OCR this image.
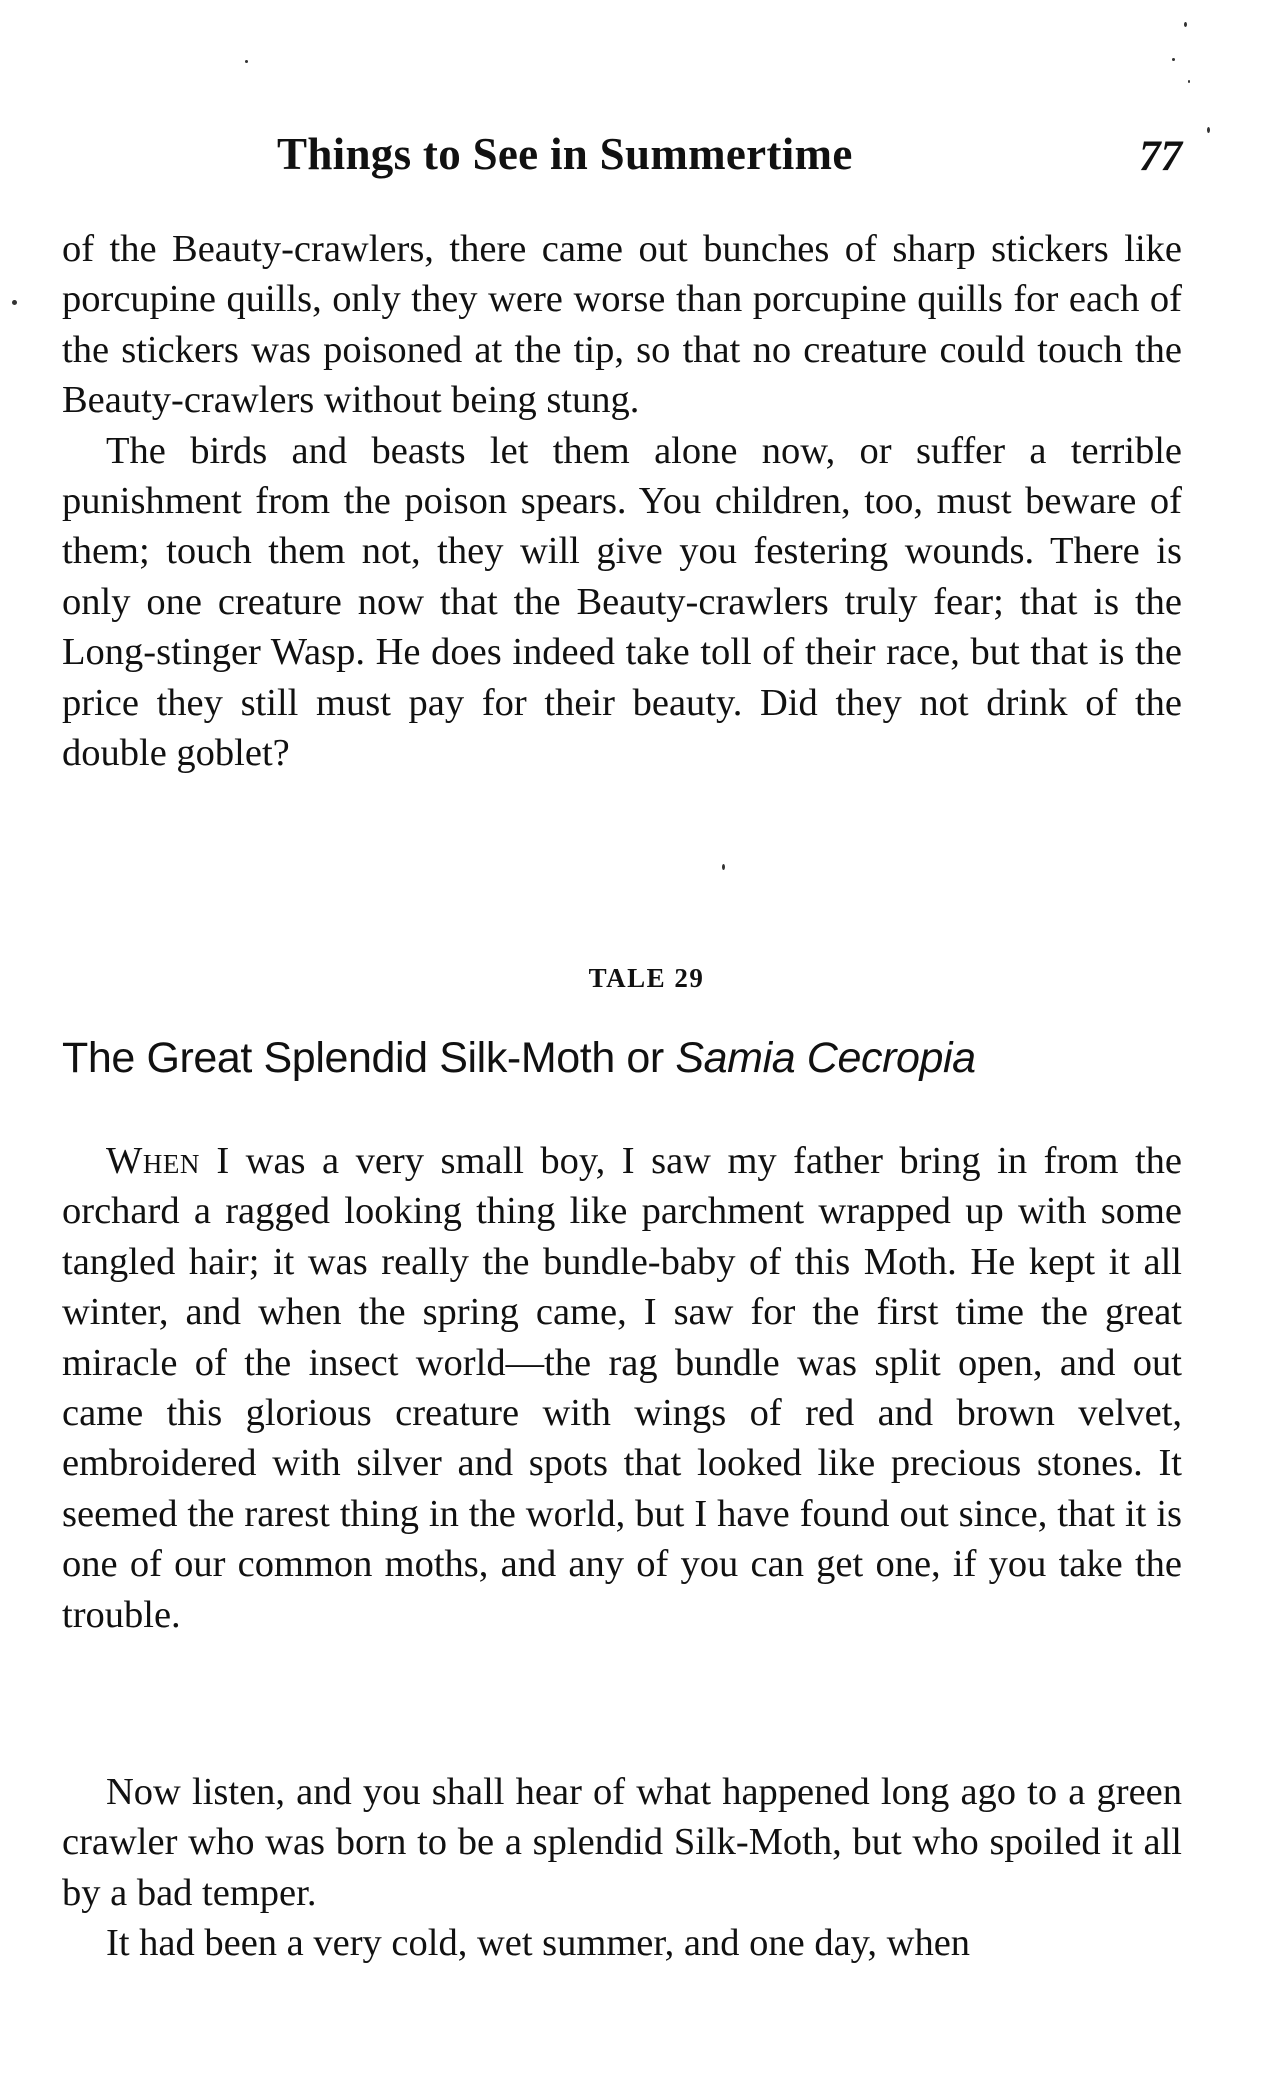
Things to See in Summertime	77

of the Beauty-crawlers, there came out bunches of sharp stickers like porcupine quills, only they were worse than porcupine quills for each of the stickers was poisoned at the tip, so that no creature could touch the Beauty-crawlers without being stung.

The birds and beasts let them alone now, or suffer a terrible punishment from the poison spears. You children, too, must beware of them; touch them not, they will give you festering wounds. There is only one creature now that the Beauty-crawlers truly fear; that is the Long-stinger Wasp. He does indeed take toll of their race, but that is the price they still must pay for their beauty. Did they not drink of the double goblet?

TALE 29
The Great Splendid Silk-Moth or Samia Cecropia

When I was a very small boy, I saw my father bring in from the orchard a ragged looking thing like parchment wrapped up with some tangled hair; it was really the bundle-baby of this Moth. He kept it all winter, and when the spring came, I saw for the first time the great miracle of the insect world—the rag bundle was split open, and out came this glorious creature with wings of red and brown velvet, embroidered with silver and spots that looked like precious stones. It seemed the rarest thing in the world, but I have found out since, that it is one of our common moths, and any of you can get one, if you take the trouble.

Now listen, and you shall hear of what happened long ago to a green crawler who was born to be a splendid Silk-Moth, but who spoiled it all by a bad temper.

It had been a very cold, wet summer, and one day, when
